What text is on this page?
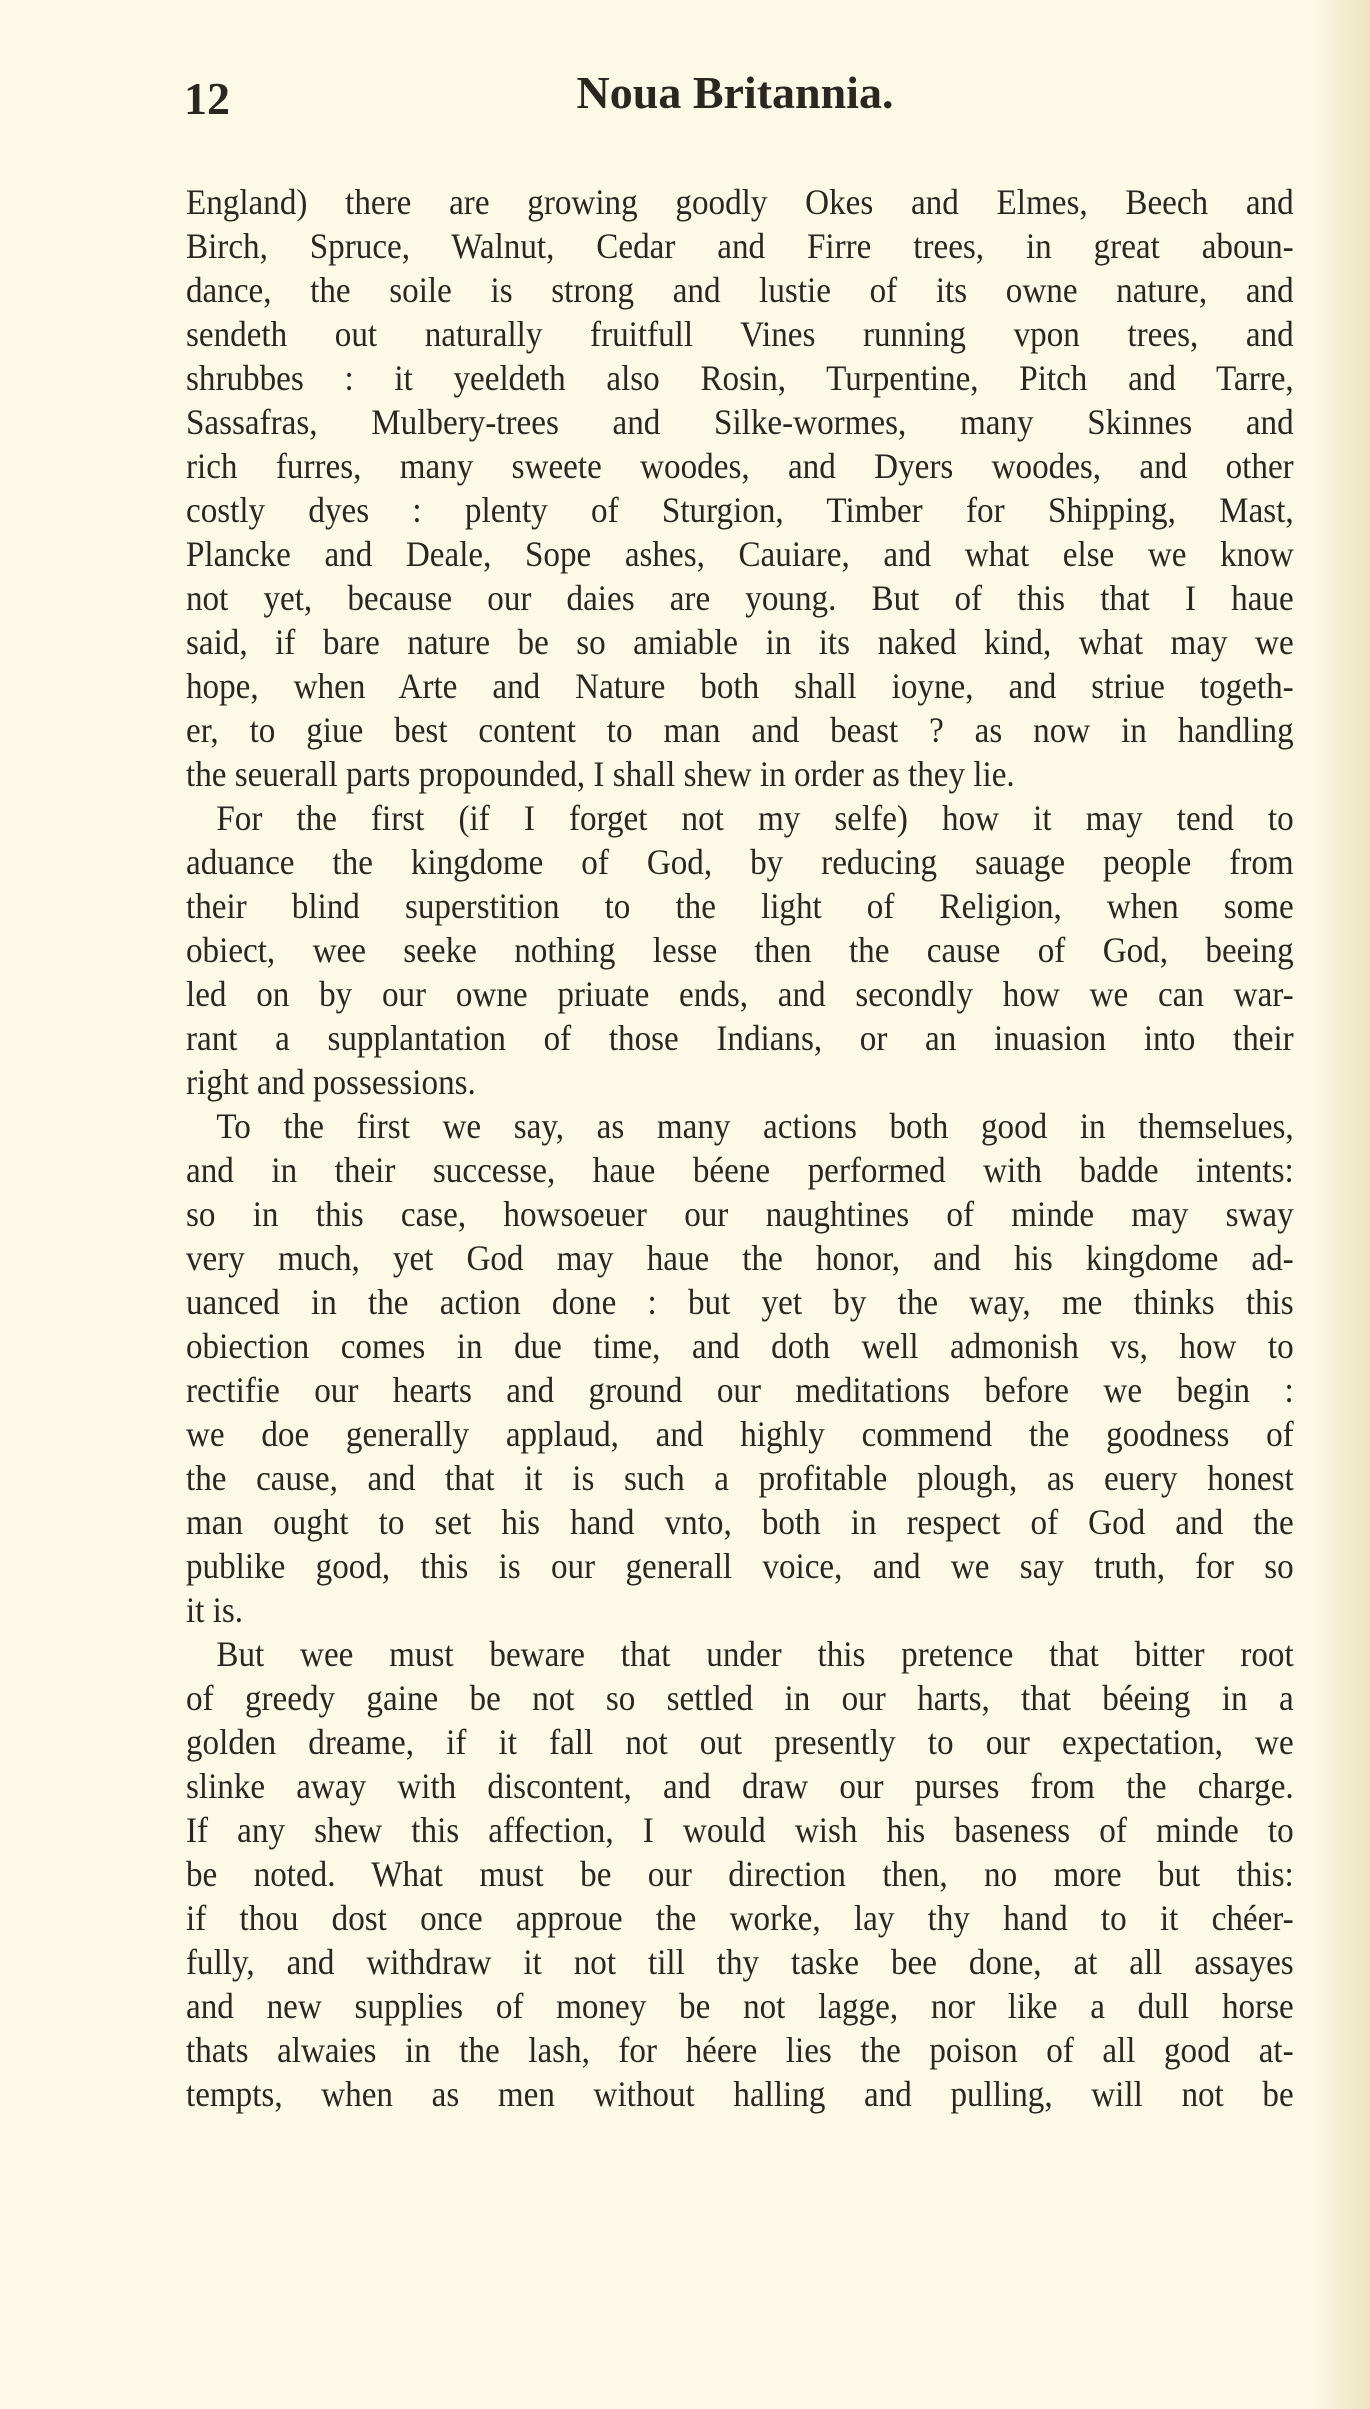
12	Noua Britannia.
England) there are growing goodly Okes and Elmes, Beech and
Birch, Spruce, Walnut, Cedar and Firre trees, in great aboun-
dance, the soile is strong and lustie of its owne nature, and
sendeth out naturally fruitfull Vines running vpon trees, and
shrubbes : it yeeldeth also Rosin, Turpentine, Pitch and Tarre,
Sassafras, Mulbery-trees and Silke-wormes, many Skinnes and
rich furres, many sweete woodes, and Dyers woodes, and other
costly dyes : plenty of Sturgion, Timber for Shipping, Mast,
Plancke and Deale, Sope ashes, Cauiare, and what else we know
not yet, because our daies are young. But of this that I haue
said, if bare nature be so amiable in its naked kind, what may we
hope, when Arte and Nature both shall ioyne, and striue togeth-
er, to giue best content to man and beast ? as now in handling
the seuerall parts propounded, I shall shew in order as they lie.
For the first (if I forget not my selfe) how it may tend to
aduance the kingdome of God, by reducing sauage people from
their blind superstition to the light of Religion, when some
obiect, wee seeke nothing lesse then the cause of God, beeing
led on by our owne priuate ends, and secondly how we can war-
rant a supplantation of those Indians, or an inuasion into their
right and possessions.
To the first we say, as many actions both good in themselues,
and in their successe, haue béene performed with badde intents:
so in this case, howsoeuer our naughtines of minde may sway
very much, yet God may haue the honor, and his kingdome ad-
uanced in the action done : but yet by the way, me thinks this
obiection comes in due time, and doth well admonish vs, how to
rectifie our hearts and ground our meditations before we begin :
we doe generally applaud, and highly commend the goodness of
the cause, and that it is such a profitable plough, as euery honest
man ought to set his hand vnto, both in respect of God and the
publike good, this is our generall voice, and we say truth, for so
it is.
But wee must beware that under this pretence that bitter root
of greedy gaine be not so settled in our harts, that béeing in a
golden dreame, if it fall not out presently to our expectation, we
slinke away with discontent, and draw our purses from the charge.
If any shew this affection, I would wish his baseness of minde to
be noted. What must be our direction then, no more but this:
if thou dost once approue the worke, lay thy hand to it chéer-
fully, and withdraw it not till thy taske bee done, at all assayes
and new supplies of money be not lagge, nor like a dull horse
thats alwaies in the lash, for héere lies the poison of all good at-
tempts, when as men without halling and pulling, will not be
